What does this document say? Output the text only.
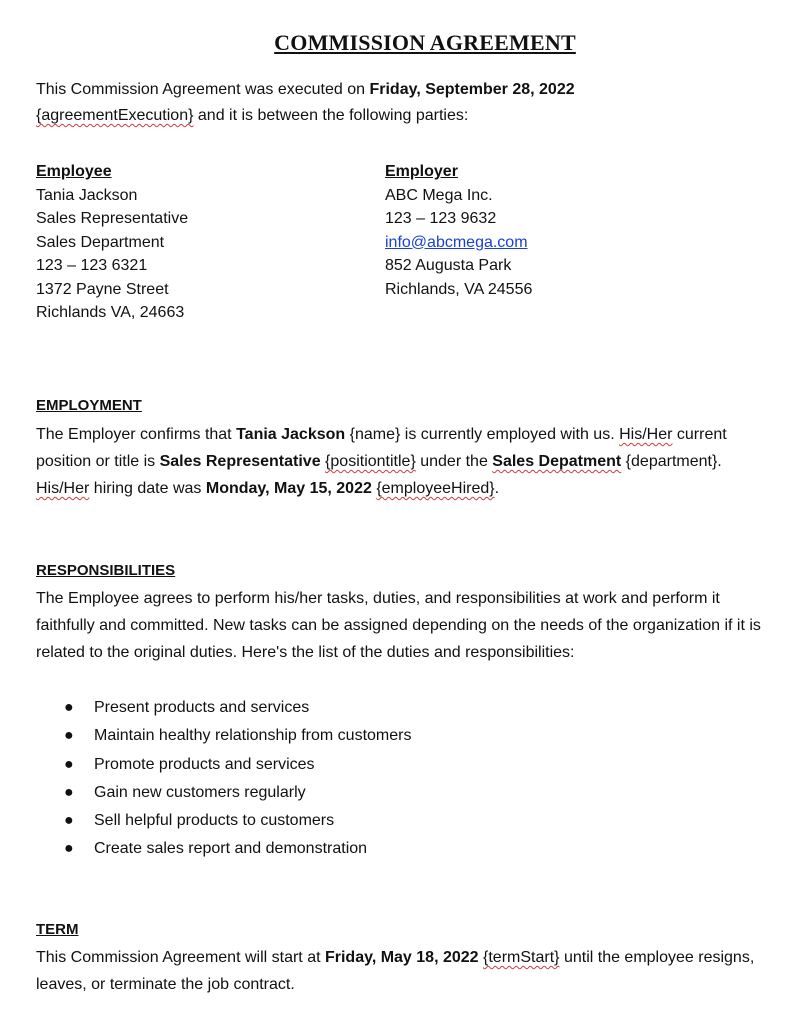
COMMISSION AGREEMENT
This Commission Agreement was executed on Friday, September 28, 2022
{agreementExecution} and it is between the following parties:
Employee
Tania Jackson
Sales Representative
Sales Department
123 – 123 6321
1372 Payne Street
Richlands VA, 24663
Employer
ABC Mega Inc.
123 – 123 9632
info@abcmega.com
852 Augusta Park
Richlands, VA 24556
EMPLOYMENT
The Employer confirms that Tania Jackson {name} is currently employed with us. His/Her current position or title is Sales Representative {positiontitle} under the Sales Depatment {department}. His/Her hiring date was Monday, May 15, 2022 {employeeHired}.
RESPONSIBILITIES
The Employee agrees to perform his/her tasks, duties, and responsibilities at work and perform it faithfully and committed. New tasks can be assigned depending on the needs of the organization if it is related to the original duties. Here's the list of the duties and responsibilities:
● Present products and services
● Maintain healthy relationship from customers
● Promote products and services
● Gain new customers regularly
● Sell helpful products to customers
● Create sales report and demonstration
TERM
This Commission Agreement will start at Friday, May 18, 2022 {termStart} until the employee resigns, leaves, or terminate the job contract.
